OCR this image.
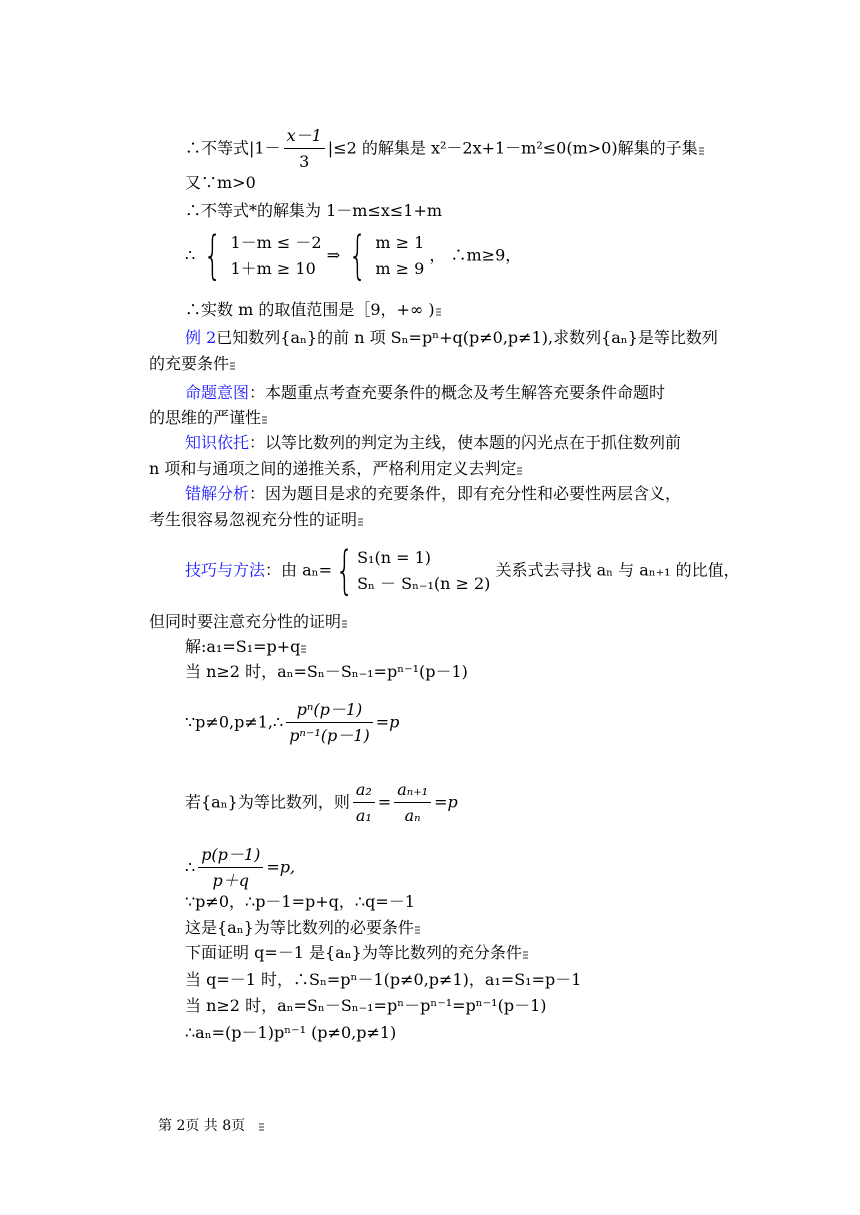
∴不等式$|1- \frac{x-1}{3} |\le 2$ 的解集是 x²－2x+1－m²≤0(m>0)解集的子集
又∵m>0
∴不等式*的解集为 1－m≤x≤1+m
∴ { 1－m ≤ －2
1＋m ≥ 10
⇒ { m ≥ 1
m ≥ 9
， ∴m≥9，
∴实数 m 的取值范围是［9，+∞ )
例 2已知数列{aₙ}的前 n 项 Sₙ=pⁿ+q(p≠0,p≠1),求数列{aₙ}是等比数列
的充要条件
命题意图：本题重点考查充要条件的概念及考生解答充要条件命题时
的思维的严谨性
知识依托：以等比数列的判定为主线，使本题的闪光点在于抓住数列前
n 项和与通项之间的递推关系，严格利用定义去判定
错解分析：因为题目是求的充要条件，即有充分性和必要性两层含义，
考生很容易忽视充分性的证明
技巧与方法：由 aₙ={ S₁(n = 1)
Sₙ － Sₙ₋₁(n ≥ 2)
关系式去寻找 aₙ 与 aₙ₊₁ 的比值，
但同时要注意充分性的证明
解:a₁=S₁=p+q
当 n≥2 时，aₙ=Sₙ－Sₙ₋₁=pⁿ⁻¹(p－1)
∵p≠0,p≠1,∴ $\frac{\text{pⁿ(p－1)}}{\text{pⁿ⁻¹(p－1)}} =p$
若{aₙ}为等比数列，则 $\frac{\text{a₂}}{\text{a₁}} = \frac{\text{aₙ₊₁}}{\text{aₙ}} =p$
∴ $\frac{p(p-1)}{p+q} =p$,
∵p≠0，∴p－1=p+q，∴q=－1
这是{aₙ}为等比数列的必要条件
下面证明 q=－1 是{aₙ}为等比数列的充分条件
当 q=－1 时，∴Sₙ=pⁿ－1(p≠0,p≠1)，a₁=S₁=p－1
当 n≥2 时，aₙ=Sₙ－Sₙ₋₁=pⁿ－pⁿ⁻¹=pⁿ⁻¹(p－1)
∴aₙ=(p－1)pⁿ⁻¹ (p≠0,p≠1)
第 2页 共 8页
